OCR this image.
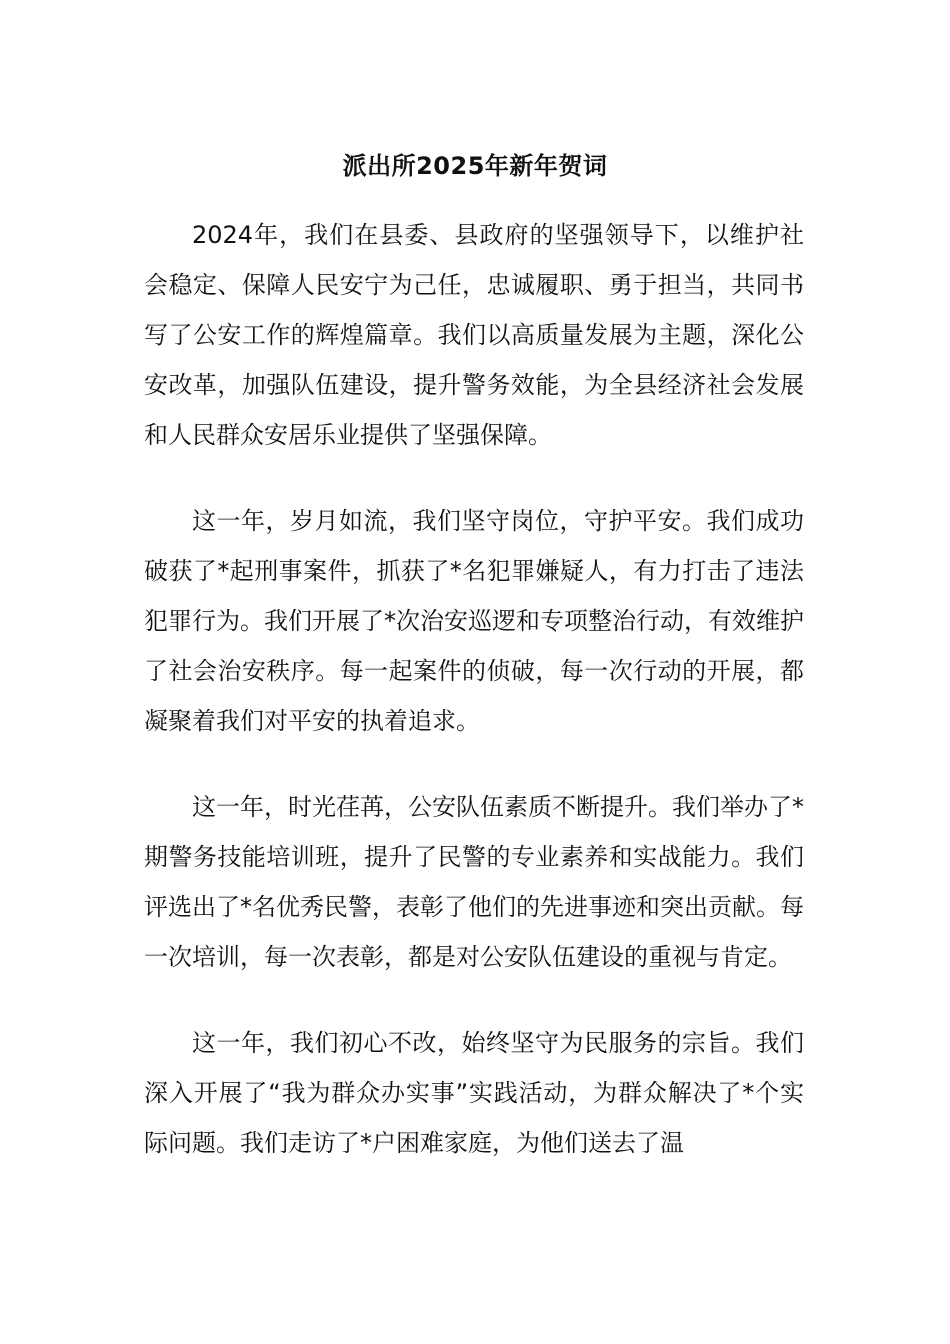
派出所2025年新年贺词

2024年，我们在县委、县政府的坚强领导下，以维护社会稳定、保障人民安宁为己任，忠诚履职、勇于担当，共同书写了公安工作的辉煌篇章。我们以高质量发展为主题，深化公安改革，加强队伍建设，提升警务效能，为全县经济社会发展和人民群众安居乐业提供了坚强保障。

这一年，岁月如流，我们坚守岗位，守护平安。我们成功破获了*起刑事案件，抓获了*名犯罪嫌疑人，有力打击了违法犯罪行为。我们开展了*次治安巡逻和专项整治行动，有效维护了社会治安秩序。每一起案件的侦破，每一次行动的开展，都凝聚着我们对平安的执着追求。

这一年，时光荏苒，公安队伍素质不断提升。我们举办了*期警务技能培训班，提升了民警的专业素养和实战能力。我们评选出了*名优秀民警，表彰了他们的先进事迹和突出贡献。每一次培训，每一次表彰，都是对公安队伍建设的重视与肯定。

这一年，我们初心不改，始终坚守为民服务的宗旨。我们深入开展了“我为群众办实事”实践活动，为群众解决了*个实际问题。我们走访了*户困难家庭，为他们送去了温
